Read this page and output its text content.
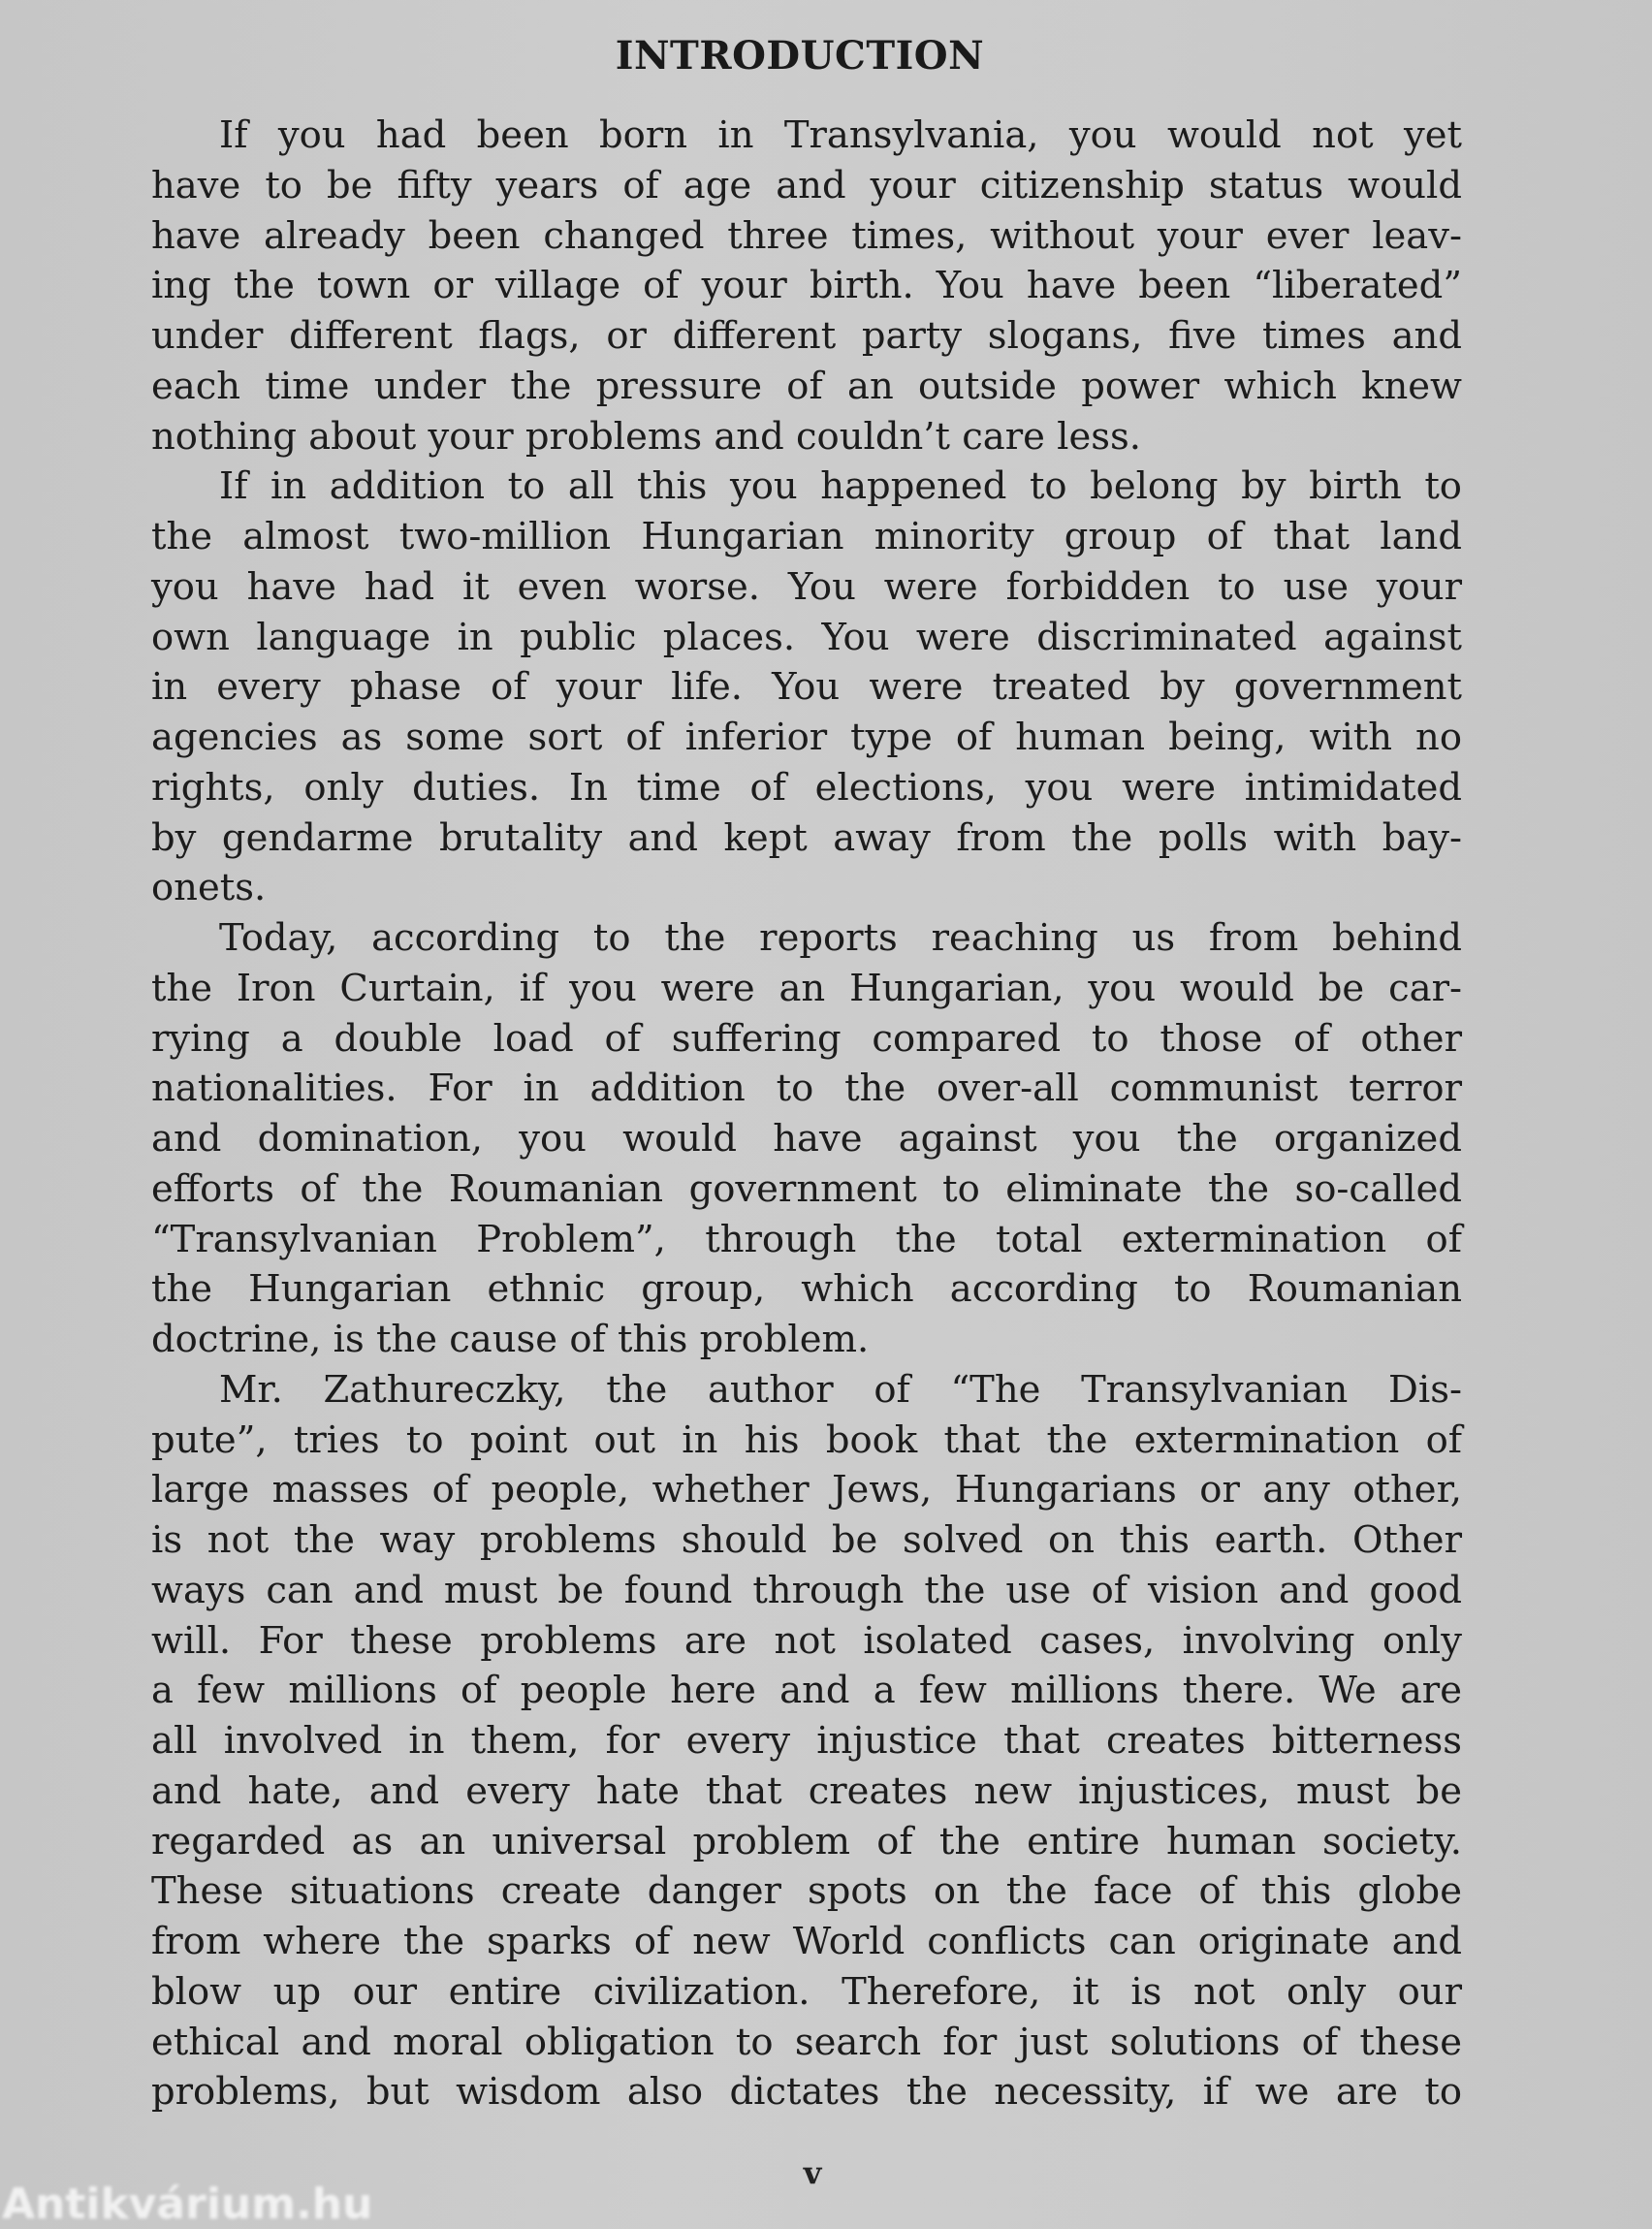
INTRODUCTION
If you had been born in Transylvania, you would not yet
have to be fifty years of age and your citizenship status would
have already been changed three times, without your ever leav-
ing the town or village of your birth. You have been “liberated”
under different flags, or different party slogans, five times and
each time under the pressure of an outside power which knew
nothing about your problems and couldn’t care less.
If in addition to all this you happened to belong by birth to
the almost two-million Hungarian minority group of that land
you have had it even worse. You were forbidden to use your
own language in public places. You were discriminated against
in every phase of your life. You were treated by government
agencies as some sort of inferior type of human being, with no
rights, only duties. In time of elections, you were intimidated
by gendarme brutality and kept away from the polls with bay-
onets.
Today, according to the reports reaching us from behind
the Iron Curtain, if you were an Hungarian, you would be car-
rying a double load of suffering compared to those of other
nationalities. For in addition to the over-all communist terror
and domination, you would have against you the organized
efforts of the Roumanian government to eliminate the so-called
“Transylvanian Problem”, through the total extermination of
the Hungarian ethnic group, which according to Roumanian
doctrine, is the cause of this problem.
Mr. Zathureczky, the author of “The Transylvanian Dis-
pute”, tries to point out in his book that the extermination of
large masses of people, whether Jews, Hungarians or any other,
is not the way problems should be solved on this earth. Other
ways can and must be found through the use of vision and good
will. For these problems are not isolated cases, involving only
a few millions of people here and a few millions there. We are
all involved in them, for every injustice that creates bitterness
and hate, and every hate that creates new injustices, must be
regarded as an universal problem of the entire human society.
These situations create danger spots on the face of this globe
from where the sparks of new World conflicts can originate and
blow up our entire civilization. Therefore, it is not only our
ethical and moral obligation to search for just solutions of these
problems, but wisdom also dictates the necessity, if we are to
v
Antikvárium.hu
